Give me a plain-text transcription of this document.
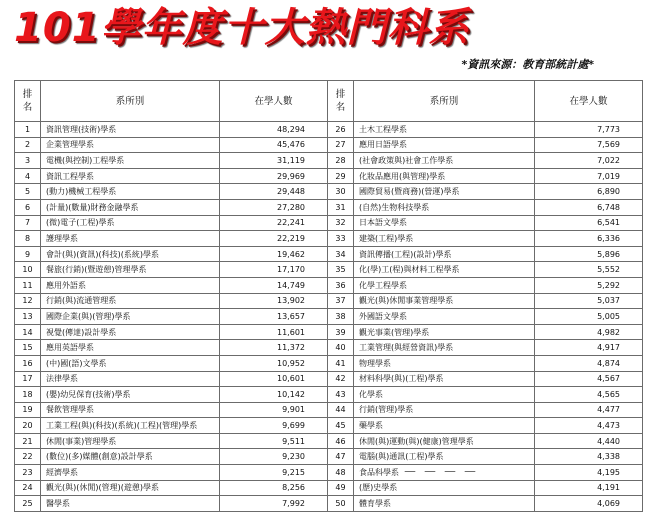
101學年度十大熱門科系
*資訊來源：教育部統計處*
排
名	系所別	在學人數	排
名	系所別	在學人數
1	資訊管理(技術)學系	48,294	26	土木工程學系	7,773
2	企業管理學系	45,476	27	應用日語學系	7,569
3	電機(與控制)工程學系	31,119	28	(社會政策與)社會工作學系	7,022
4	資訊工程學系	29,969	29	化妝品應用(與管理)學系	7,019
5	(動力)機械工程學系	29,448	30	國際貿易(暨商務)(營運)學系	6,890
6	(計量)(數量)財務金融學系	27,280	31	(自然)生物科技學系	6,748
7	(微)電子(工程)學系	22,241	32	日本語文學系	6,541
8	護理學系	22,219	33	建築(工程)學系	6,336
9	會計(與)(資訊)(科技)(系統)學系	19,462	34	資訊傳播(工程)(設計)學系	5,896
10	餐旅(行銷)(暨遊憩)管理學系	17,170	35	化(學)工(程)與材料工程學系	5,552
11	應用外語系	14,749	36	化學工程學系	5,292
12	行銷(與)流通管理系	13,902	37	觀光(與)休閒事業管理學系	5,037
13	國際企業(與)(管理)學系	13,657	38	外國語文學系	5,005
14	視覺(傳達)設計學系	11,601	39	觀光事業(管理)學系	4,982
15	應用英語學系	11,372	40	工業管理(與經營資訊)學系	4,917
16	(中)國(語)文學系	10,952	41	物理學系	4,874
17	法律學系	10,601	42	材料科學(與)(工程)學系	4,567
18	(嬰)幼兒保育(技術)學系	10,142	43	化學系	4,565
19	餐飲管理學系	9,901	44	行銷(管理)學系	4,477
20	工業工程(與)(科技)(系統)(工程)(管理)學系	9,699	45	藥學系	4,473
21	休閒(事業)管理學系	9,511	46	休閒(與)運動(與)(健康)管理學系	4,440
22	(數位)(多)媒體(創意)設計學系	9,230	47	電腦(與)通訊(工程)學系	4,338
23	經濟學系	9,215	48	食品科學系	4,195
24	觀光(與)(休閒)(管理)(遊憩)學系	8,256	49	(歷)史學系	4,191
25	醫學系	7,992	50	體育學系	4,069
－－－－
